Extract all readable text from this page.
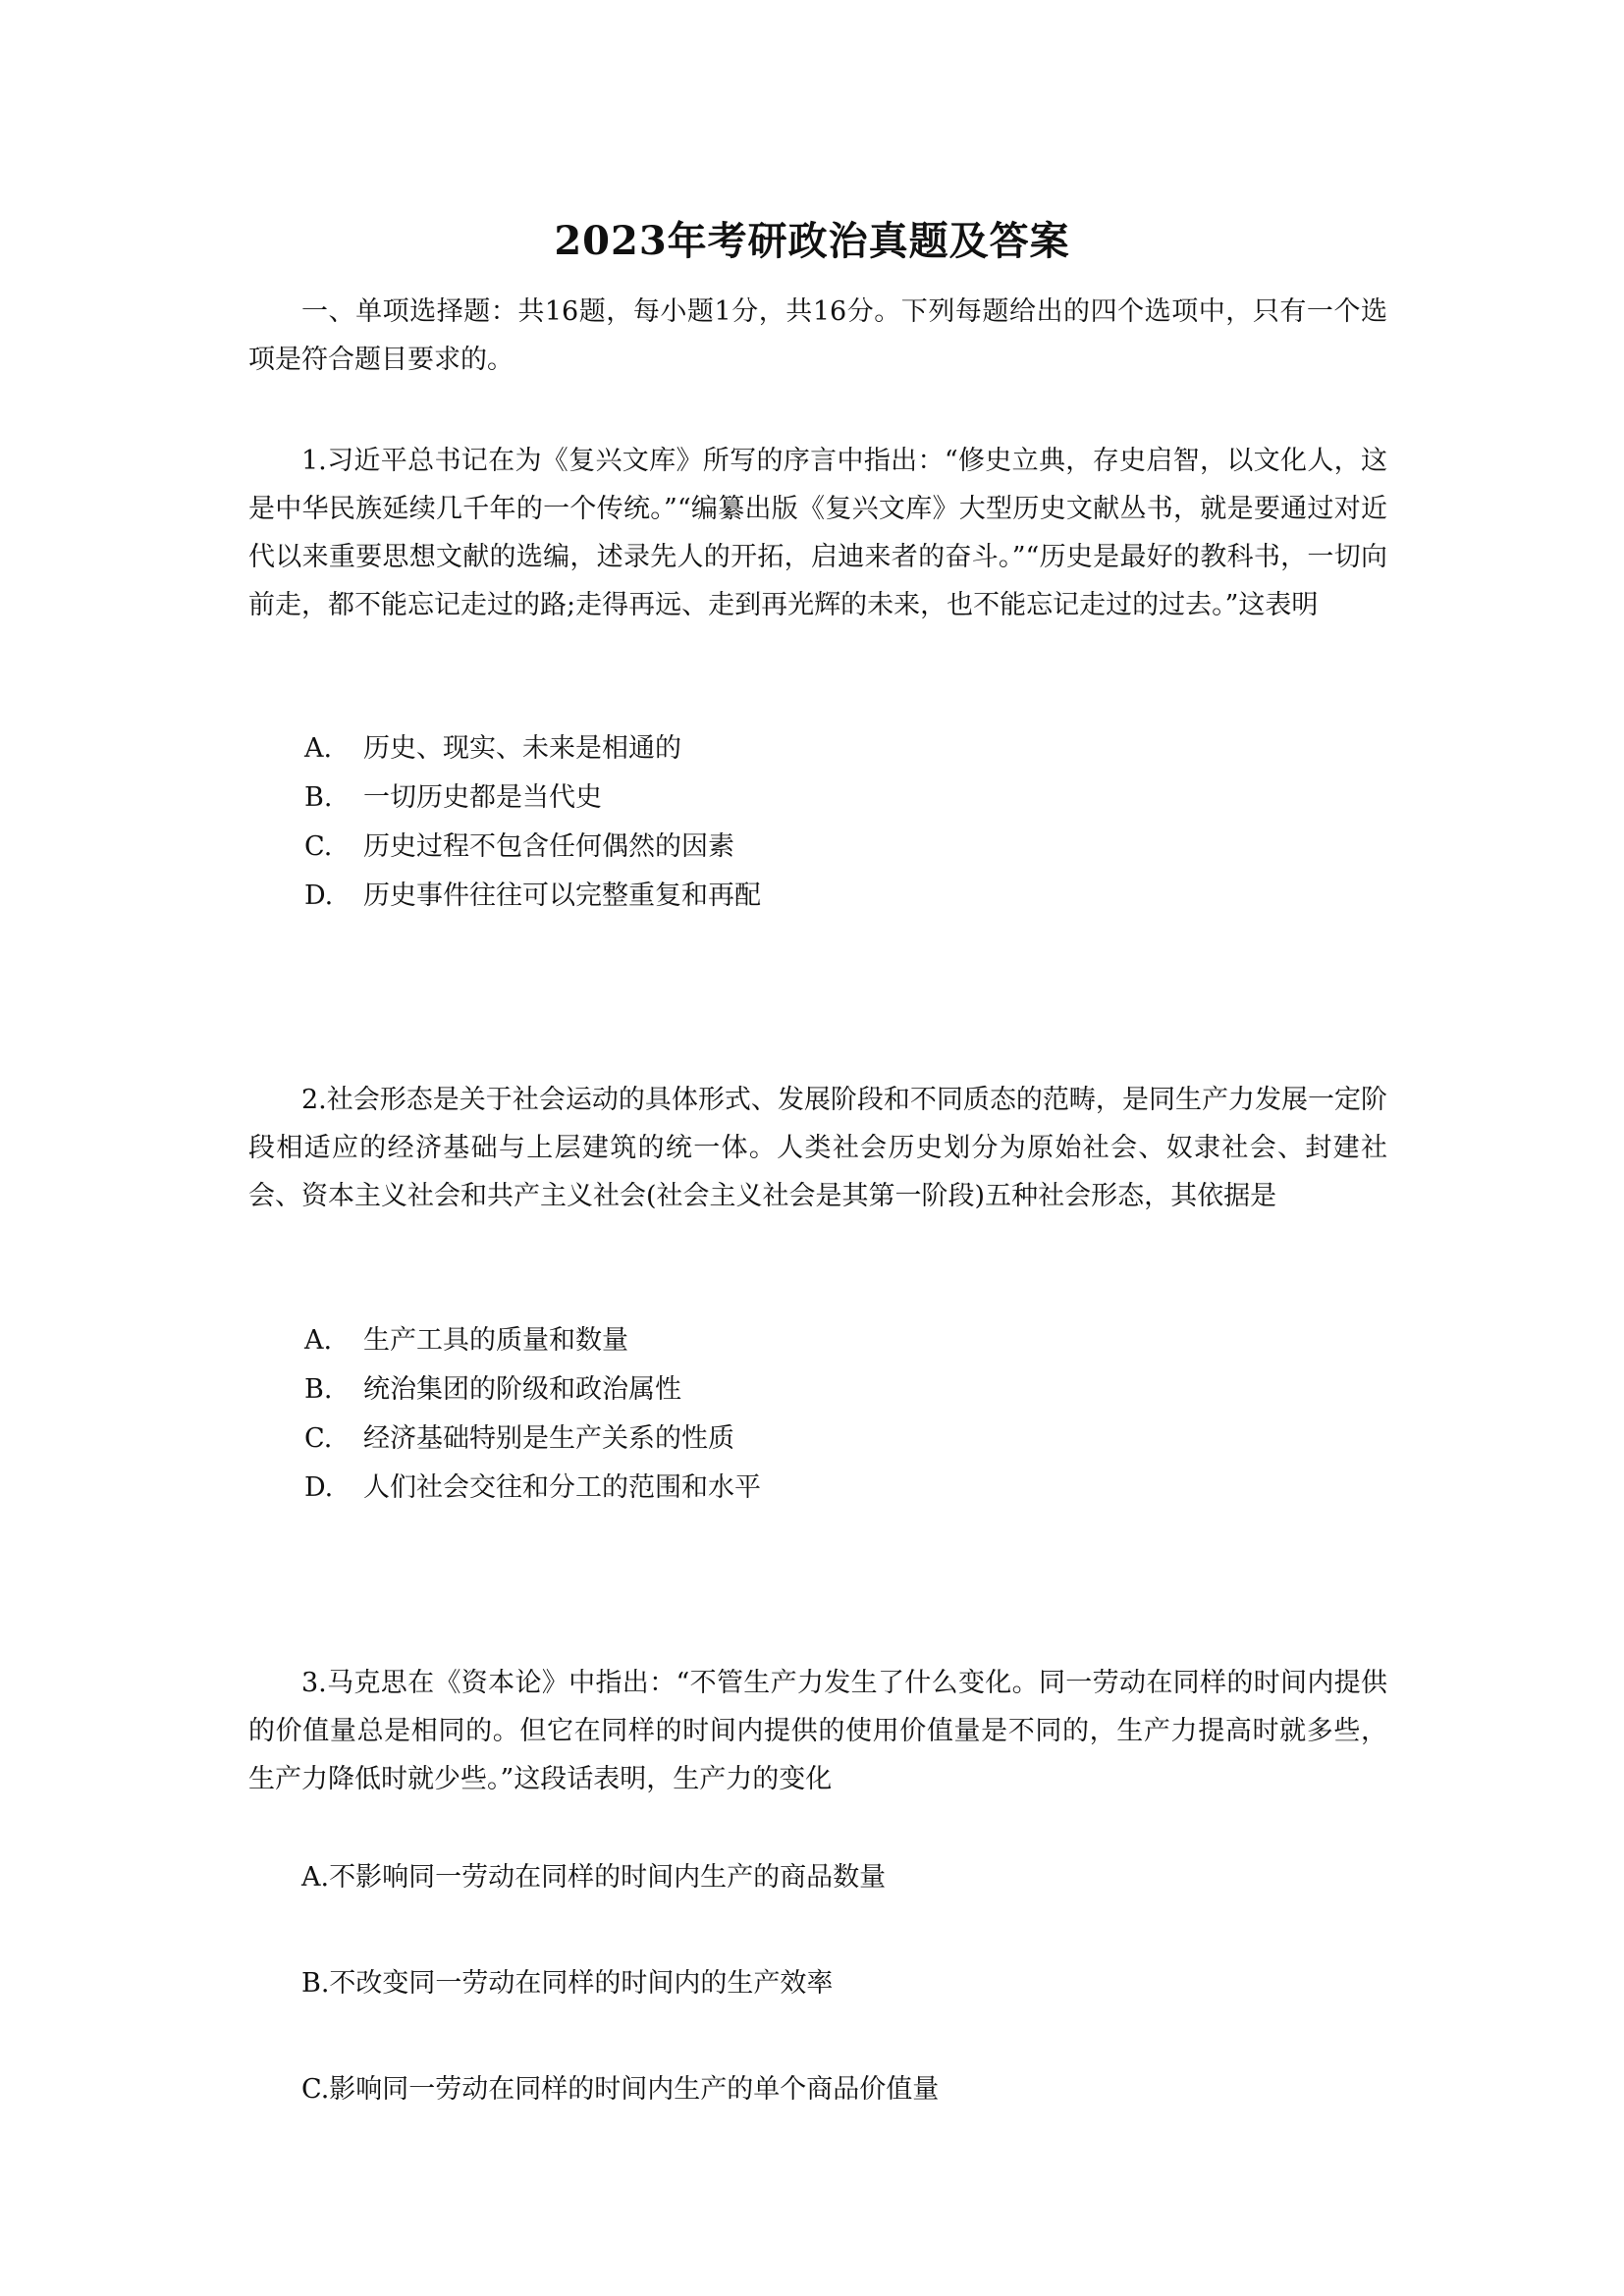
2023年考研政治真题及答案
一、单项选择题：共16题，每小题1分，共16分。下列每题给出的四个选项中，只有一个选项是符合题目要求的。
1.习近平总书记在为《复兴文库》所写的序言中指出：“修史立典，存史启智，以文化人，这是中华民族延续几千年的一个传统。”“编纂出版《复兴文库》大型历史文献丛书，就是要通过对近代以来重要思想文献的选编，述录先人的开拓，启迪来者的奋斗。”“历史是最好的教科书，一切向前走，都不能忘记走过的路;走得再远、走到再光辉的未来，也不能忘记走过的过去。”这表明
A. 历史、现实、未来是相通的
B. 一切历史都是当代史
C. 历史过程不包含任何偶然的因素
D. 历史事件往往可以完整重复和再配
2.社会形态是关于社会运动的具体形式、发展阶段和不同质态的范畴，是同生产力发展一定阶段相适应的经济基础与上层建筑的统一体。人类社会历史划分为原始社会、奴隶社会、封建社会、资本主义社会和共产主义社会(社会主义社会是其第一阶段)五种社会形态，其依据是
A. 生产工具的质量和数量
B. 统治集团的阶级和政治属性
C. 经济基础特别是生产关系的性质
D. 人们社会交往和分工的范围和水平
3.马克思在《资本论》中指出：“不管生产力发生了什么变化。同一劳动在同样的时间内提供的价值量总是相同的。但它在同样的时间内提供的使用价值量是不同的，生产力提高时就多些，生产力降低时就少些。”这段话表明，生产力的变化
A.不影响同一劳动在同样的时间内生产的商品数量
B.不改变同一劳动在同样的时间内的生产效率
C.影响同一劳动在同样的时间内生产的单个商品价值量
